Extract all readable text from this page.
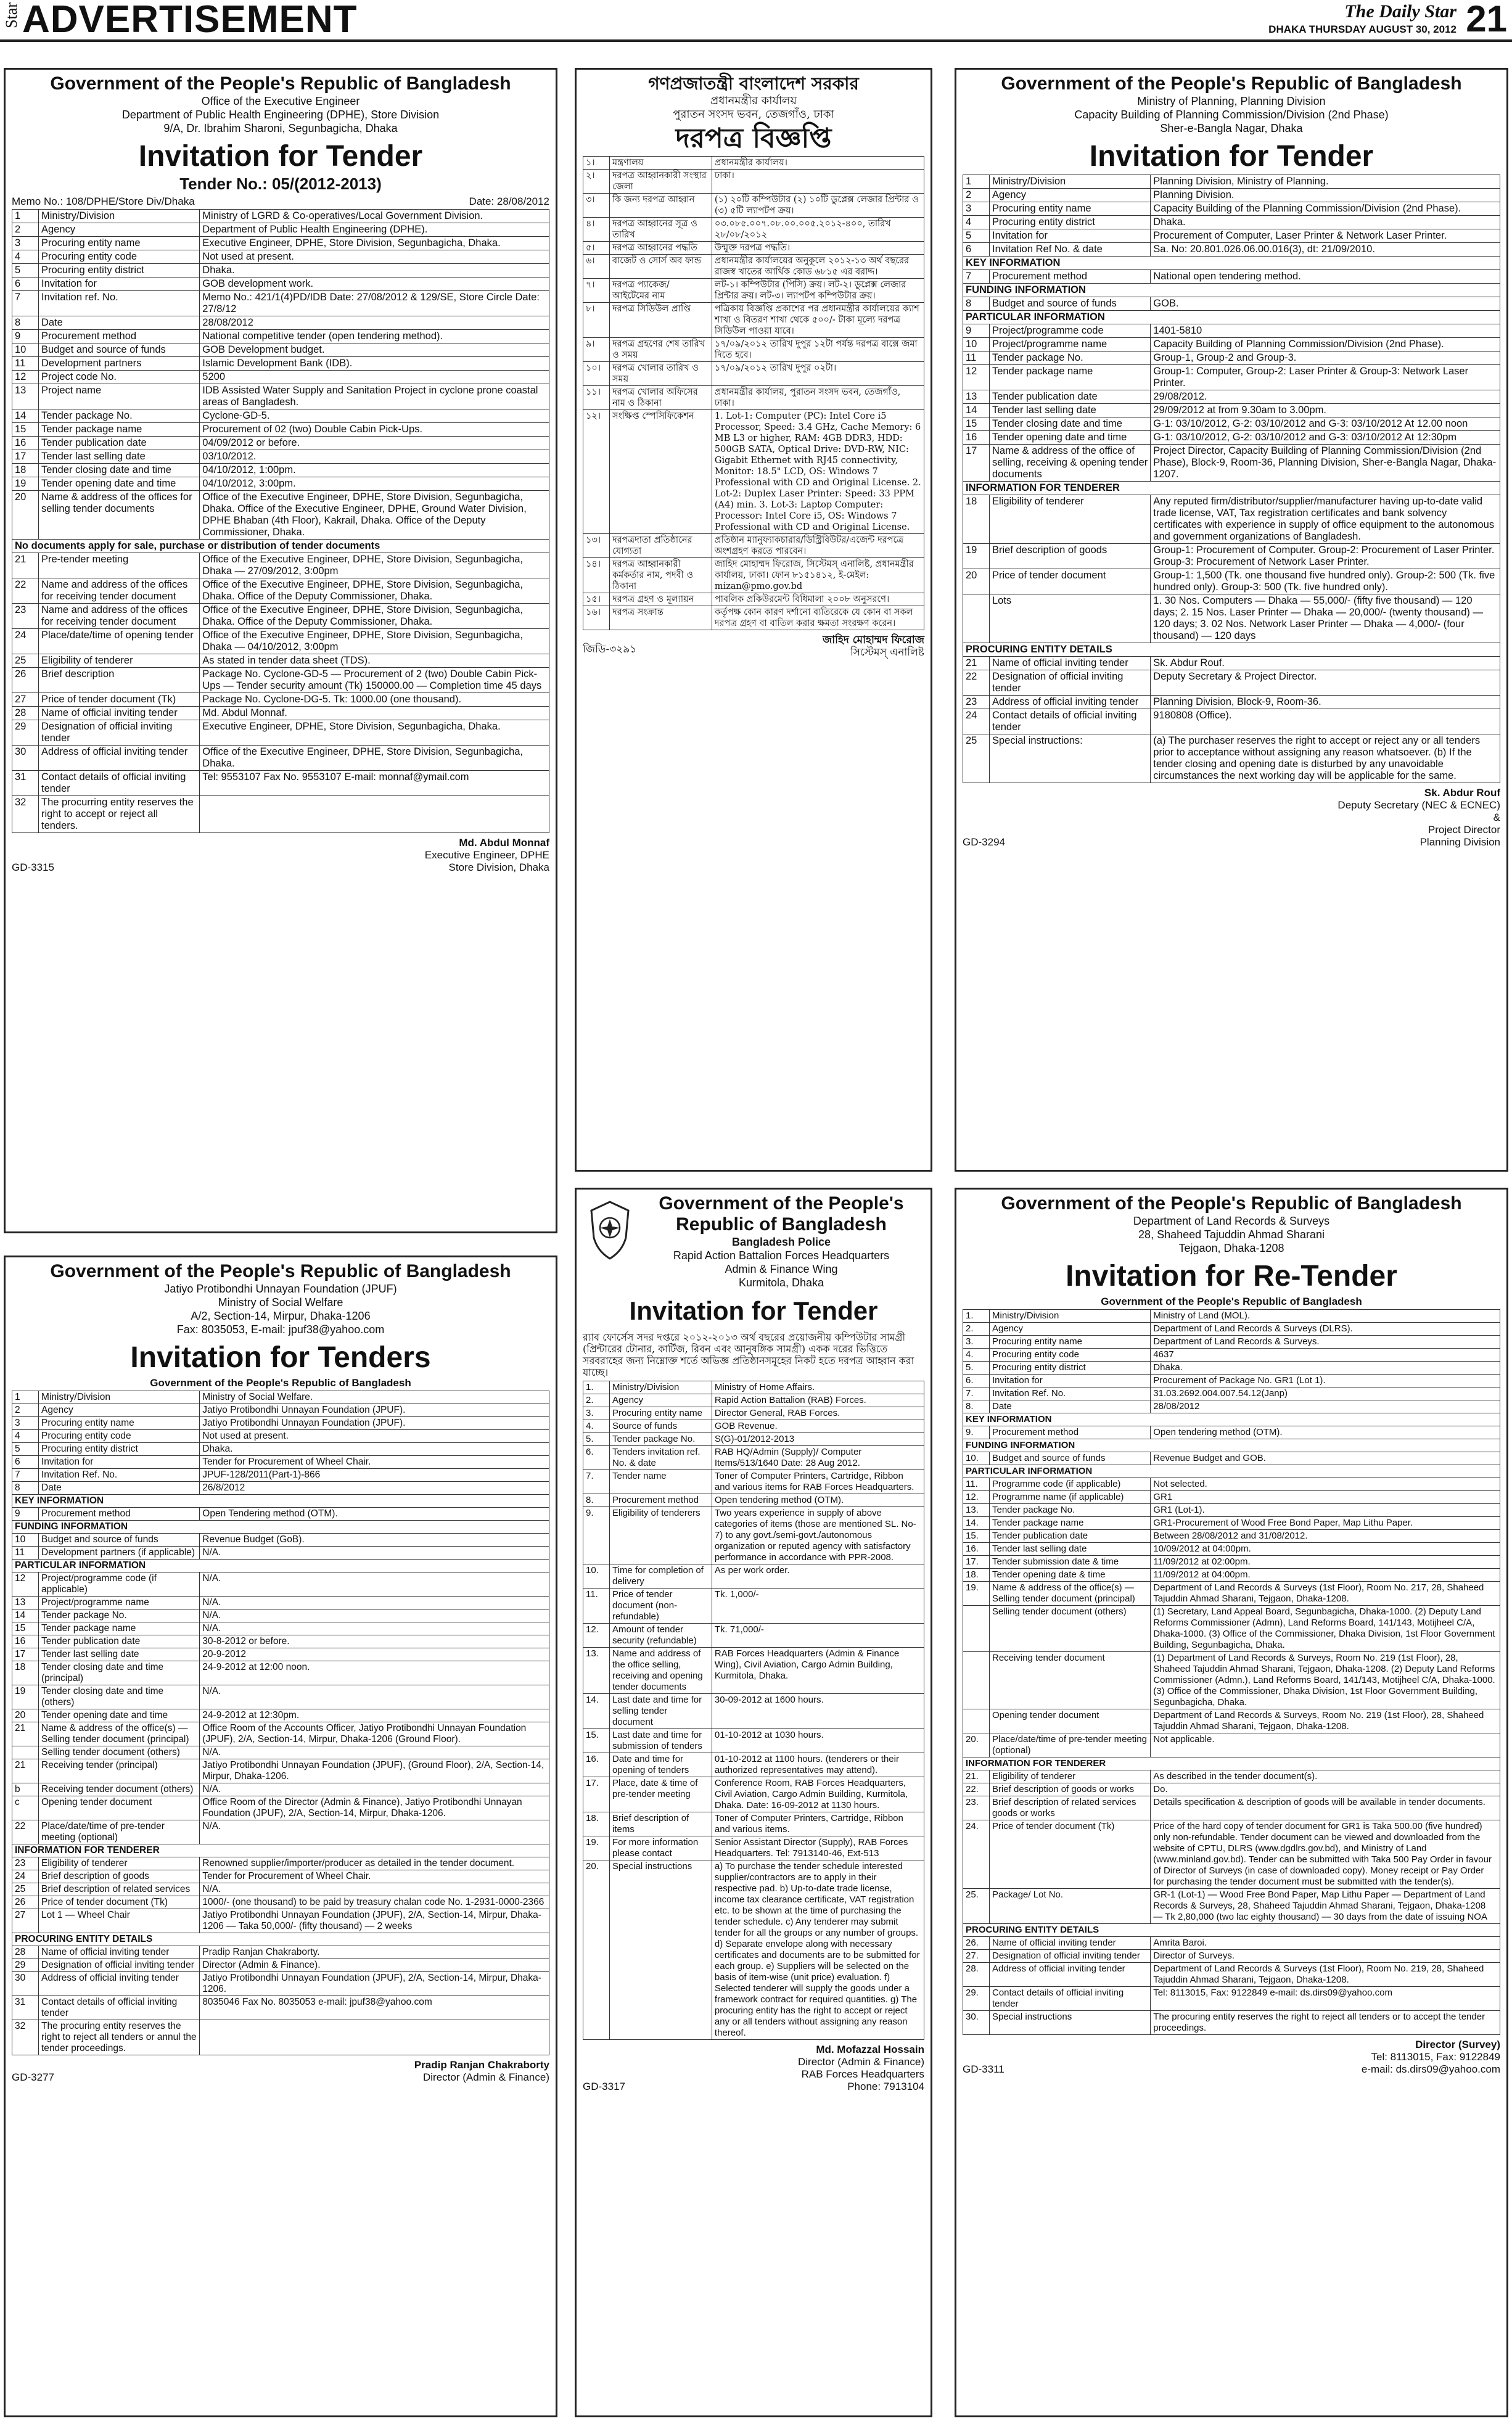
Star ADVERTISEMENT	The Daily Star
DHAKA THURSDAY AUGUST 30, 2012 21
Government of the People's Republic of Bangladesh
Office of the Executive Engineer
Department of Public Health Engineering (DPHE), Store Division
9/A, Dr. Ibrahim Sharoni, Segunbagicha, Dhaka
Invitation for Tender
Tender No.: 05/(2012-2013)
Memo No.: 108/DPHE/Store Div/Dhaka	Date: 28/08/2012
1	Ministry/Division	Ministry of LGRD & Co-operatives/Local Government Division.
2	Agency	Department of Public Health Engineering (DPHE).
3	Procuring entity name	Executive Engineer, DPHE, Store Division, Segunbagicha, Dhaka.
4	Procuring entity code	Not used at present.
5	Procuring entity district	Dhaka.
6	Invitation for	GOB development work.
7	Invitation ref. No.	Memo No.: 421/1(4)PD/IDB Date: 27/08/2012 & 129/SE, Store Circle Date: 27/8/12
8	Date	28/08/2012
9	Procurement method	National competitive tender (open tendering method).
10	Budget and source of funds	GOB Development budget.
11	Development partners	Islamic Development Bank (IDB).
12	Project code No.	5200
13	Project name	IDB Assisted Water Supply and Sanitation Project in cyclone prone coastal areas of Bangladesh.
14	Tender package No.	Cyclone-GD-5.
15	Tender package name	Procurement of 02 (two) Double Cabin Pick-Ups.
16	Tender publication date	04/09/2012 or before.
17	Tender last selling date	03/10/2012.
18	Tender closing date and time	04/10/2012, 1:00pm.
19	Tender opening date and time	04/10/2012, 3:00pm.
20	Name & address of the offices for selling tender documents	Office of the Executive Engineer, DPHE, Store Division, Segunbagicha, Dhaka. Office of the Executive Engineer, DPHE, Ground Water Division, DPHE Bhaban (4th Floor), Kakrail, Dhaka. Office of the Deputy Commissioner, Dhaka.
No documents apply for sale, purchase or distribution of tender documents		
21	Pre-tender meeting	Office of the Executive Engineer, DPHE, Store Division, Segunbagicha, Dhaka — 27/09/2012, 3:00pm
22	Name and address of the offices for receiving tender document	Office of the Executive Engineer, DPHE, Store Division, Segunbagicha, Dhaka. Office of the Deputy Commissioner, Dhaka.
23	Name and address of the offices for receiving tender document	Office of the Executive Engineer, DPHE, Store Division, Segunbagicha, Dhaka. Office of the Deputy Commissioner, Dhaka.
24	Place/date/time of opening tender	Office of the Executive Engineer, DPHE, Store Division, Segunbagicha, Dhaka — 04/10/2012, 3:00pm
25	Eligibility of tenderer	As stated in tender data sheet (TDS).
26	Brief description	Package No. Cyclone-GD-5 — Procurement of 2 (two) Double Cabin Pick-Ups — Tender security amount (Tk) 150000.00 — Completion time 45 days
27	Price of tender document (Tk)	Package No. Cyclone-DG-5. Tk: 1000.00 (one thousand).
28	Name of official inviting tender	Md. Abdul Monnaf.
29	Designation of official inviting tender	Executive Engineer, DPHE, Store Division, Segunbagicha, Dhaka.
30	Address of official inviting tender	Office of the Executive Engineer, DPHE, Store Division, Segunbagicha, Dhaka.
31	Contact details of official inviting tender	Tel: 9553107 Fax No. 9553107 E-mail: monnaf@ymail.com
32	The procurring entity reserves the right to accept or reject all tenders.	
GD-3315
Md. Abdul Monnaf
Executive Engineer, DPHE
Store Division, Dhaka
গণপ্রজাতন্ত্রী বাংলাদেশ সরকার
প্রধানমন্ত্রীর কার্যালয়
পুরাতন সংসদ ভবন, তেজগাঁও, ঢাকা
দরপত্র বিজ্ঞপ্তি
১।	মন্ত্রণালয়	প্রধানমন্ত্রীর কার্যালয়।
২।	দরপত্র আহ্বানকারী সংস্থার জেলা	ঢাকা।
৩।	কি জন্য দরপত্র আহ্বান	(১) ২০টি কম্পিউটার (২) ১০টি ডুপ্লেক্স লেজার প্রিন্টার ও (৩) ৫টি ল্যাপটপ ক্রয়।
৪।	দরপত্র আহ্বানের সূত্র ও তারিখ	০৩.০৮৫.০০৭.০৮.০০.০০৫.২০১২-৪০০, তারিখ ২৮/০৮/২০১২
৫।	দরপত্র আহ্বানের পদ্ধতি	উন্মুক্ত দরপত্র পদ্ধতি।
৬।	বাজেট ও সোর্স অব ফান্ড	প্রধানমন্ত্রীর কার্যালয়ের অনুকূলে ২০১২-১৩ অর্থ বছরের রাজস্ব খাতের আর্থিক কোড ৬৮১৫ এর বরাদ্দ।
৭।	দরপত্র প্যাকেজ/ আইটেমের নাম	লট-১। কম্পিউটার (পিসি) ক্রয়। লট-২। ডুপ্লেক্স লেজার প্রিন্টার ক্রয়। লট-৩। ল্যাপটপ কম্পিউটার ক্রয়।
৮।	দরপত্র সিডিউল প্রাপ্তি	পত্রিকায় বিজ্ঞপ্তি প্রকাশের পর প্রধানমন্ত্রীর কার্যালয়ের ক্যাশ শাখা ও বিতরণ শাখা থেকে ৫০০/- টাকা মূল্যে দরপত্র সিডিউল পাওয়া যাবে।
৯।	দরপত্র গ্রহণের শেষ তারিখ ও সময়	১৭/০৯/২০১২ তারিখ দুপুর ১২টা পর্যন্ত দরপত্র বাক্সে জমা দিতে হবে।
১০।	দরপত্র খোলার তারিখ ও সময়	১৭/০৯/২০১২ তারিখ দুপুর ০২টা।
১১।	দরপত্র খোলার অফিসের নাম ও ঠিকানা	প্রধানমন্ত্রীর কার্যালয়, পুরাতন সংসদ ভবন, তেজগাঁও, ঢাকা।
১২।	সংক্ষিপ্ত স্পেসিফিকেশন	1. Lot-1: Computer (PC): Intel Core i5 Processor, Speed: 3.4 GHz, Cache Memory: 6 MB L3 or higher, RAM: 4GB DDR3, HDD: 500GB SATA, Optical Drive: DVD-RW, NIC: Gigabit Ethernet with RJ45 connectivity, Monitor: 18.5" LCD, OS: Windows 7 Professional with CD and Original License. 2. Lot-2: Duplex Laser Printer: Speed: 33 PPM (A4) min. 3. Lot-3: Laptop Computer: Processor: Intel Core i5, OS: Windows 7 Professional with CD and Original License.
১৩।	দরপত্রদাতা প্রতিষ্ঠানের যোগ্যতা	প্রতিষ্ঠান ম্যানুফ্যাকচারার/ডিস্ট্রিবিউটর/এজেন্ট দরপত্রে অংশগ্রহণ করতে পারবেন।
১৪।	দরপত্র আহ্বানকারী কর্মকর্তার নাম, পদবী ও ঠিকানা	জাহিদ মোহাম্মদ ফিরোজ, সিস্টেমস্ এনালিষ্ট, প্রধানমন্ত্রীর কার্যালয়, ঢাকা। ফোন ৮১৫১৪১২, ই-মেইল: mizan@pmo.gov.bd
১৫।	দরপত্র গ্রহণ ও মূল্যায়ন	পাবলিক প্রকিউরমেন্ট বিধিমালা ২০০৮ অনুসরণে।
১৬।	দরপত্র সংক্রান্ত	কর্তৃপক্ষ কোন কারণ দর্শানো ব্যতিরেকে যে কোন বা সকল দরপত্র গ্রহণ বা বাতিল করার ক্ষমতা সংরক্ষণ করেন।
জিডি-৩২৯১
জাহিদ মোহাম্মদ ফিরোজ
সিস্টেমস্ এনালিষ্ট
Government of the People's Republic of Bangladesh
Ministry of Planning, Planning Division
Capacity Building of Planning Commission/Division (2nd Phase)
Sher-e-Bangla Nagar, Dhaka
Invitation for Tender
1	Ministry/Division	Planning Division, Ministry of Planning.
2	Agency	Planning Division.
3	Procuring entity name	Capacity Building of the Planning Commission/Division (2nd Phase).
4	Procuring entity district	Dhaka.
5	Invitation for	Procurement of Computer, Laser Printer & Network Laser Printer.
6	Invitation Ref No. & date	Sa. No: 20.801.026.06.00.016(3), dt: 21/09/2010.
KEY INFORMATION		
7	Procurement method	National open tendering method.
FUNDING INFORMATION		
8	Budget and source of funds	GOB.
PARTICULAR INFORMATION		
9	Project/programme code	1401-5810
10	Project/programme name	Capacity Building of Planning Commission/Division (2nd Phase).
11	Tender package No.	Group-1, Group-2 and Group-3.
12	Tender package name	Group-1: Computer, Group-2: Laser Printer & Group-3: Network Laser Printer.
13	Tender publication date	29/08/2012.
14	Tender last selling date	29/09/2012 at from 9.30am to 3.00pm.
15	Tender closing date and time	G-1: 03/10/2012, G-2: 03/10/2012 and G-3: 03/10/2012 At 12.00 noon
16	Tender opening date and time	G-1: 03/10/2012, G-2: 03/10/2012 and G-3: 03/10/2012 At 12:30pm
17	Name & address of the office of selling, receiving & opening tender documents	Project Director, Capacity Building of Planning Commission/Division (2nd Phase), Block-9, Room-36, Planning Division, Sher-e-Bangla Nagar, Dhaka-1207.
INFORMATION FOR TENDERER		
18	Eligibility of tenderer	Any reputed firm/distributor/supplier/manufacturer having up-to-date valid trade license, VAT, Tax registration certificates and bank solvency certificates with experience in supply of office equipment to the autonomous and government organizations of Bangladesh.
19	Brief description of goods	Group-1: Procurement of Computer. Group-2: Procurement of Laser Printer. Group-3: Procurement of Network Laser Printer.
20	Price of tender document	Group-1: 1,500 (Tk. one thousand five hundred only). Group-2: 500 (Tk. five hundred only). Group-3: 500 (Tk. five hundred only).
	Lots	1. 30 Nos. Computers — Dhaka — 55,000/- (fifty five thousand) — 120 days; 2. 15 Nos. Laser Printer — Dhaka — 20,000/- (twenty thousand) — 120 days; 3. 02 Nos. Network Laser Printer — Dhaka — 4,000/- (four thousand) — 120 days
PROCURING ENTITY DETAILS		
21	Name of official inviting tender	Sk. Abdur Rouf.
22	Designation of official inviting tender	Deputy Secretary & Project Director.
23	Address of official inviting tender	Planning Division, Block-9, Room-36.
24	Contact details of official inviting tender	9180808 (Office).
25	Special instructions:	(a) The purchaser reserves the right to accept or reject any or all tenders prior to acceptance without assigning any reason whatsoever. (b) If the tender closing and opening date is disturbed by any unavoidable circumstances the next working day will be applicable for the same.
GD-3294
Sk. Abdur Rouf
Deputy Secretary (NEC & ECNEC)
&
Project Director
Planning Division
Government of the People's Republic of Bangladesh
Jatiyo Protibondhi Unnayan Foundation (JPUF)
Ministry of Social Welfare
A/2, Section-14, Mirpur, Dhaka-1206
Fax: 8035053, E-mail: jpuf38@yahoo.com
Invitation for Tenders
Government of the People's Republic of Bangladesh
1	Ministry/Division	Ministry of Social Welfare.
2	Agency	Jatiyo Protibondhi Unnayan Foundation (JPUF).
3	Procuring entity name	Jatiyo Protibondhi Unnayan Foundation (JPUF).
4	Procuring entity code	Not used at present.
5	Procuring entity district	Dhaka.
6	Invitation for	Tender for Procurement of Wheel Chair.
7	Invitation Ref. No.	JPUF-128/2011(Part-1)-866
8	Date	26/8/2012
KEY INFORMATION		
9	Procurement method	Open Tendering method (OTM).
FUNDING INFORMATION		
10	Budget and source of funds	Revenue Budget (GoB).
11	Development partners (if applicable)	N/A.
PARTICULAR INFORMATION		
12	Project/programme code (if applicable)	N/A.
13	Project/programme name	N/A.
14	Tender package No.	N/A.
15	Tender package name	N/A.
16	Tender publication date	30-8-2012 or before.
17	Tender last selling date	20-9-2012
18	Tender closing date and time (principal)	24-9-2012 at 12:00 noon.
19	Tender closing date and time (others)	N/A.
20	Tender opening date and time	24-9-2012 at 12:30pm.
21	Name & address of the office(s) — Selling tender document (principal)	Office Room of the Accounts Officer, Jatiyo Protibondhi Unnayan Foundation (JPUF), 2/A, Section-14, Mirpur, Dhaka-1206 (Ground Floor).
	Selling tender document (others)	N/A.
21	Receiving tender (principal)	Jatiyo Protibondhi Unnayan Foundation (JPUF), (Ground Floor), 2/A, Section-14, Mirpur, Dhaka-1206.
b	Receiving tender document (others)	N/A.
c	Opening tender document	Office Room of the Director (Admin & Finance), Jatiyo Protibondhi Unnayan Foundation (JPUF), 2/A, Section-14, Mirpur, Dhaka-1206.
22	Place/date/time of pre-tender meeting (optional)	N/A.
INFORMATION FOR TENDERER		
23	Eligibility of tenderer	Renowned supplier/importer/producer as detailed in the tender document.
24	Brief description of goods	Tender for Procurement of Wheel Chair.
25	Brief description of related services	N/A.
26	Price of tender document (Tk)	1000/- (one thousand) to be paid by treasury chalan code No. 1-2931-0000-2366
27	Lot 1 — Wheel Chair	Jatiyo Protibondhi Unnayan Foundation (JPUF), 2/A, Section-14, Mirpur, Dhaka-1206 — Taka 50,000/- (fifty thousand) — 2 weeks
PROCURING ENTITY DETAILS		
28	Name of official inviting tender	Pradip Ranjan Chakraborty.
29	Designation of official inviting tender	Director (Admin & Finance).
30	Address of official inviting tender	Jatiyo Protibondhi Unnayan Foundation (JPUF), 2/A, Section-14, Mirpur, Dhaka-1206.
31	Contact details of official inviting tender	8035046 Fax No. 8035053 e-mail: jpuf38@yahoo.com
32	The procuring entity reserves the right to reject all tenders or annul the tender proceedings.	
GD-3277
Pradip Ranjan Chakraborty
Director (Admin & Finance)
Government of the People's Republic of Bangladesh
Bangladesh Police
Rapid Action Battalion Forces Headquarters
Admin & Finance Wing
Kurmitola, Dhaka
Invitation for Tender
র‌্যাব ফোর্সেস সদর দপ্তরে ২০১২-২০১৩ অর্থ বছরের প্রয়োজনীয় কম্পিউটার সামগ্রী (প্রিন্টারের টোনার, কার্টিজ, রিবন এবং আনুষঙ্গিক সামগ্রী) একক দরের ভিত্তিতে সরবরাহের জন্য নিম্নোক্ত শর্তে অভিজ্ঞ প্রতিষ্ঠানসমূহের নিকট হতে দরপত্র আহ্বান করা যাচ্ছে।
1.	Ministry/Division	Ministry of Home Affairs.
2.	Agency	Rapid Action Battalion (RAB) Forces.
3.	Procuring entity name	Director General, RAB Forces.
4.	Source of funds	GOB Revenue.
5.	Tender package No.	S(G)-01/2012-2013
6.	Tenders invitation ref. No. & date	RAB HQ/Admin (Supply)/ Computer Items/513/1640 Date: 28 Aug 2012.
7.	Tender name	Toner of Computer Printers, Cartridge, Ribbon and various items for RAB Forces Headquarters.
8.	Procurement method	Open tendering method (OTM).
9.	Eligibility of tenderers	Two years experience in supply of above categories of items (those are mentioned SL. No-7) to any govt./semi-govt./autonomous organization or reputed agency with satisfactory performance in accordance with PPR-2008.
10.	Time for completion of delivery	As per work order.
11.	Price of tender document (non-refundable)	Tk. 1,000/-
12.	Amount of tender security (refundable)	Tk. 71,000/-
13.	Name and address of the office selling, receiving and opening tender documents	RAB Forces Headquarters (Admin & Finance Wing), Civil Aviation, Cargo Admin Building, Kurmitola, Dhaka.
14.	Last date and time for selling tender document	30-09-2012 at 1600 hours.
15.	Last date and time for submission of tenders	01-10-2012 at 1030 hours.
16.	Date and time for opening of tenders	01-10-2012 at 1100 hours. (tenderers or their authorized representatives may attend).
17.	Place, date & time of pre-tender meeting	Conference Room, RAB Forces Headquarters, Civil Aviation, Cargo Admin Building, Kurmitola, Dhaka. Date: 16-09-2012 at 1130 hours.
18.	Brief description of items	Toner of Computer Printers, Cartridge, Ribbon and various items.
19.	For more information please contact	Senior Assistant Director (Supply), RAB Forces Headquarters. Tel: 7913140-46, Ext-513
20.	Special instructions	a) To purchase the tender schedule interested supplier/contractors are to apply in their respective pad. b) Up-to-date trade license, income tax clearance certificate, VAT registration etc. to be shown at the time of purchasing the tender schedule. c) Any tenderer may submit tender for all the groups or any number of groups. d) Separate envelope along with necessary certificates and documents are to be submitted for each group. e) Suppliers will be selected on the basis of item-wise (unit price) evaluation. f) Selected tenderer will supply the goods under a framework contract for required quantities. g) The procuring entity has the right to accept or reject any or all tenders without assigning any reason thereof.
GD-3317
Md. Mofazzal Hossain
Director (Admin & Finance)
RAB Forces Headquarters
Phone: 7913104
Government of the People's Republic of Bangladesh
Department of Land Records & Surveys
28, Shaheed Tajuddin Ahmad Sharani
Tejgaon, Dhaka-1208
Invitation for Re-Tender
Government of the People's Republic of Bangladesh
1.	Ministry/Division	Ministry of Land (MOL).
2.	Agency	Department of Land Records & Surveys (DLRS).
3.	Procuring entity name	Department of Land Records & Surveys.
4.	Procuring entity code	4637
5.	Procuring entity district	Dhaka.
6.	Invitation for	Procurement of Package No. GR1 (Lot 1).
7.	Invitation Ref. No.	31.03.2692.004.007.54.12(Janp)
8.	Date	28/08/2012
KEY INFORMATION		
9.	Procurement method	Open tendering method (OTM).
FUNDING INFORMATION		
10.	Budget and source of funds	Revenue Budget and GOB.
PARTICULAR INFORMATION		
11.	Programme code (if applicable)	Not selected.
12.	Programme name (if applicable)	GR1
13.	Tender package No.	GR1 (Lot-1).
14.	Tender package name	GR1-Procurement of Wood Free Bond Paper, Map Lithu Paper.
15.	Tender publication date	Between 28/08/2012 and 31/08/2012.
16.	Tender last selling date	10/09/2012 at 04:00pm.
17.	Tender submission date & time	11/09/2012 at 02:00pm.
18.	Tender opening date & time	11/09/2012 at 04:00pm.
19.	Name & address of the office(s) — Selling tender document (principal)	Department of Land Records & Surveys (1st Floor), Room No. 217, 28, Shaheed Tajuddin Ahmad Sharani, Tejgaon, Dhaka-1208.
	Selling tender document (others)	(1) Secretary, Land Appeal Board, Segunbagicha, Dhaka-1000. (2) Deputy Land Reforms Commissioner (Admn), Land Reforms Board, 141/143, Motijheel C/A, Dhaka-1000. (3) Office of the Commissioner, Dhaka Division, 1st Floor Government Building, Segunbagicha, Dhaka.
	Receiving tender document	(1) Department of Land Records & Surveys, Room No. 219 (1st Floor), 28, Shaheed Tajuddin Ahmad Sharani, Tejgaon, Dhaka-1208. (2) Deputy Land Reforms Commissioner (Admn.), Land Reforms Board, 141/143, Motijheel C/A, Dhaka-1000. (3) Office of the Commissioner, Dhaka Division, 1st Floor Government Building, Segunbagicha, Dhaka.
	Opening tender document	Department of Land Records & Surveys, Room No. 219 (1st Floor), 28, Shaheed Tajuddin Ahmad Sharani, Tejgaon, Dhaka-1208.
20.	Place/date/time of pre-tender meeting (optional)	Not applicable.
INFORMATION FOR TENDERER		
21.	Eligibility of tenderer	As described in the tender document(s).
22.	Brief description of goods or works	Do.
23.	Brief description of related services goods or works	Details specification & description of goods will be available in tender documents.
24.	Price of tender document (Tk)	Price of the hard copy of tender document for GR1 is Taka 500.00 (five hundred) only non-refundable. Tender document can be viewed and downloaded from the website of CPTU, DLRS (www.dgdlrs.gov.bd), and Ministry of Land (www.minland.gov.bd). Tender can be submitted with Taka 500 Pay Order in favour of Director of Surveys (in case of downloaded copy). Money receipt or Pay Order for purchasing the tender document must be submitted with the tender(s).
25.	Package/ Lot No.	GR-1 (Lot-1) — Wood Free Bond Paper, Map Lithu Paper — Department of Land Records & Surveys, 28, Shaheed Tajuddin Ahmad Sharani, Tejgaon, Dhaka-1208 — Tk 2,80,000 (two lac eighty thousand) — 30 days from the date of issuing NOA
PROCURING ENTITY DETAILS		
26.	Name of official inviting tender	Amrita Baroi.
27.	Designation of official inviting tender	Director of Surveys.
28.	Address of official inviting tender	Department of Land Records & Surveys (1st Floor), Room No. 219, 28, Shaheed Tajuddin Ahmad Sharani, Tejgaon, Dhaka-1208.
29.	Contact details of official inviting tender	Tel: 8113015, Fax: 9122849 e-mail: ds.dirs09@yahoo.com
30.	Special instructions	The procuring entity reserves the right to reject all tenders or to accept the tender proceedings.
GD-3311
Director (Survey)
Tel: 8113015, Fax: 9122849
e-mail: ds.dirs09@yahoo.com
